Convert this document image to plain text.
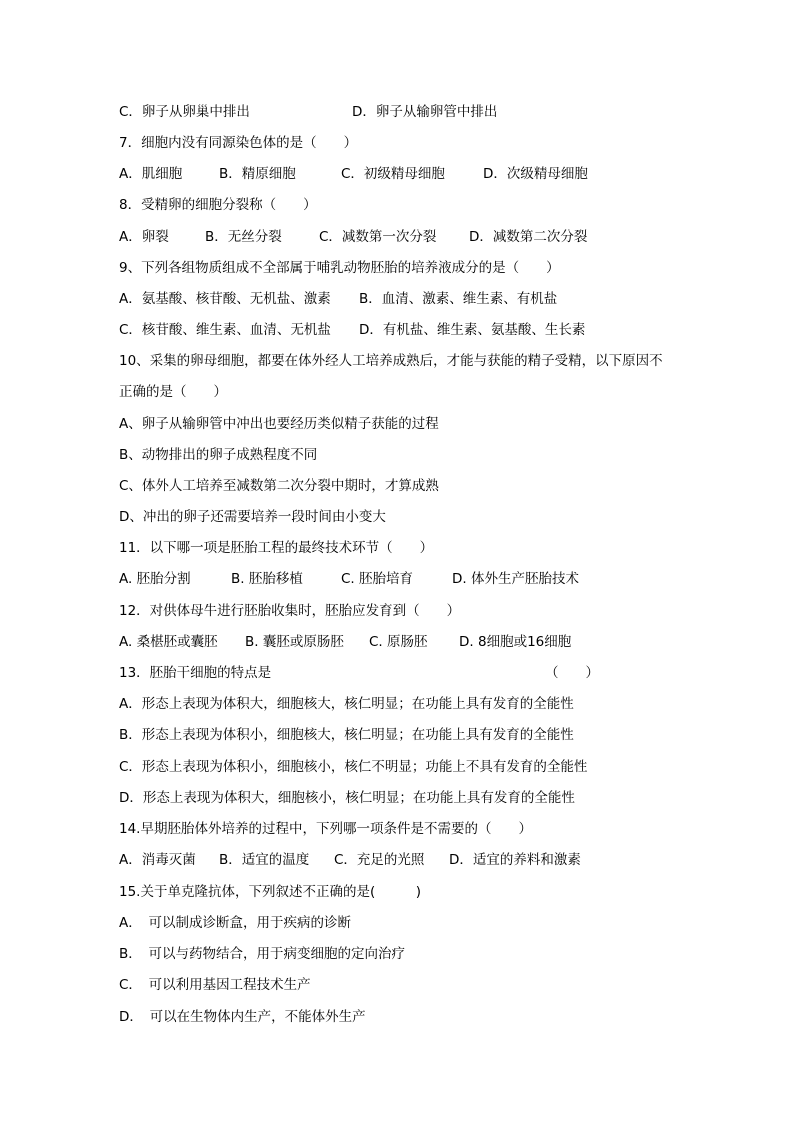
C．卵子从卵巢中排出

	D．卵子从输卵管中排出

7．细胞内没有同源染色体的是（　　）

A．肌细胞

	B．精原细胞

	C．初级精母细胞

	D．次级精母细胞

8．受精卵的细胞分裂称（　　）

A．卵裂

	B．无丝分裂

	C．减数第一次分裂

D．减数第二次分裂

9、下列各组物质组成不全部属于哺乳动物胚胎的培养液成分的是（　　）

A．氨基酸、核苷酸、无机盐、激素

B．血清、激素、维生素、有机盐

C．核苷酸、维生素、血清、无机盐

D．有机盐、维生素、氨基酸、生长素

10、采集的卵母细胞，都要在体外经人工培养成熟后，才能与获能的精子受精，以下原因不

正确的是（　　）

A、卵子从输卵管中冲出也要经历类似精子获能的过程

B、动物排出的卵子成熟程度不同

C、体外人工培养至减数第二次分裂中期时，才算成熟

D、冲出的卵子还需要培养一段时间由小变大

11．以下哪一项是胚胎工程的最终技术环节（　　）

A. 胚胎分割

	B. 胚胎移植

	C. 胚胎培育

	D. 体外生产胚胎技术

12．对供体母牛进行胚胎收集时，胚胎应发育到（　　）

A. 桑椹胚或囊胚

B. 囊胚或原肠胚

C. 原肠胚

D. 8细胞或16细胞

13．胚胎干细胞的特点是

	（　　）

A．形态上表现为体积大，细胞核大，核仁明显；在功能上具有发育的全能性

B．形态上表现为体积小，细胞核大，核仁明显；在功能上具有发育的全能性

C．形态上表现为体积小，细胞核小，核仁不明显；功能上不具有发育的全能性

D．形态上表现为体积大，细胞核小，核仁明显；在功能上具有发育的全能性

14.早期胚胎体外培养的过程中，下列哪一项条件是不需要的（　　）

A．消毒灭菌

B．适宜的温度

C．充足的光照

D．适宜的养料和激素

15.关于单克隆抗体，下列叙述不正确的是(　　　)

A．　可以制成诊断盒，用于疾病的诊断

B．　可以与药物结合，用于病变细胞的定向治疗

C．　可以利用基因工程技术生产

D．　可以在生物体内生产，不能体外生产
